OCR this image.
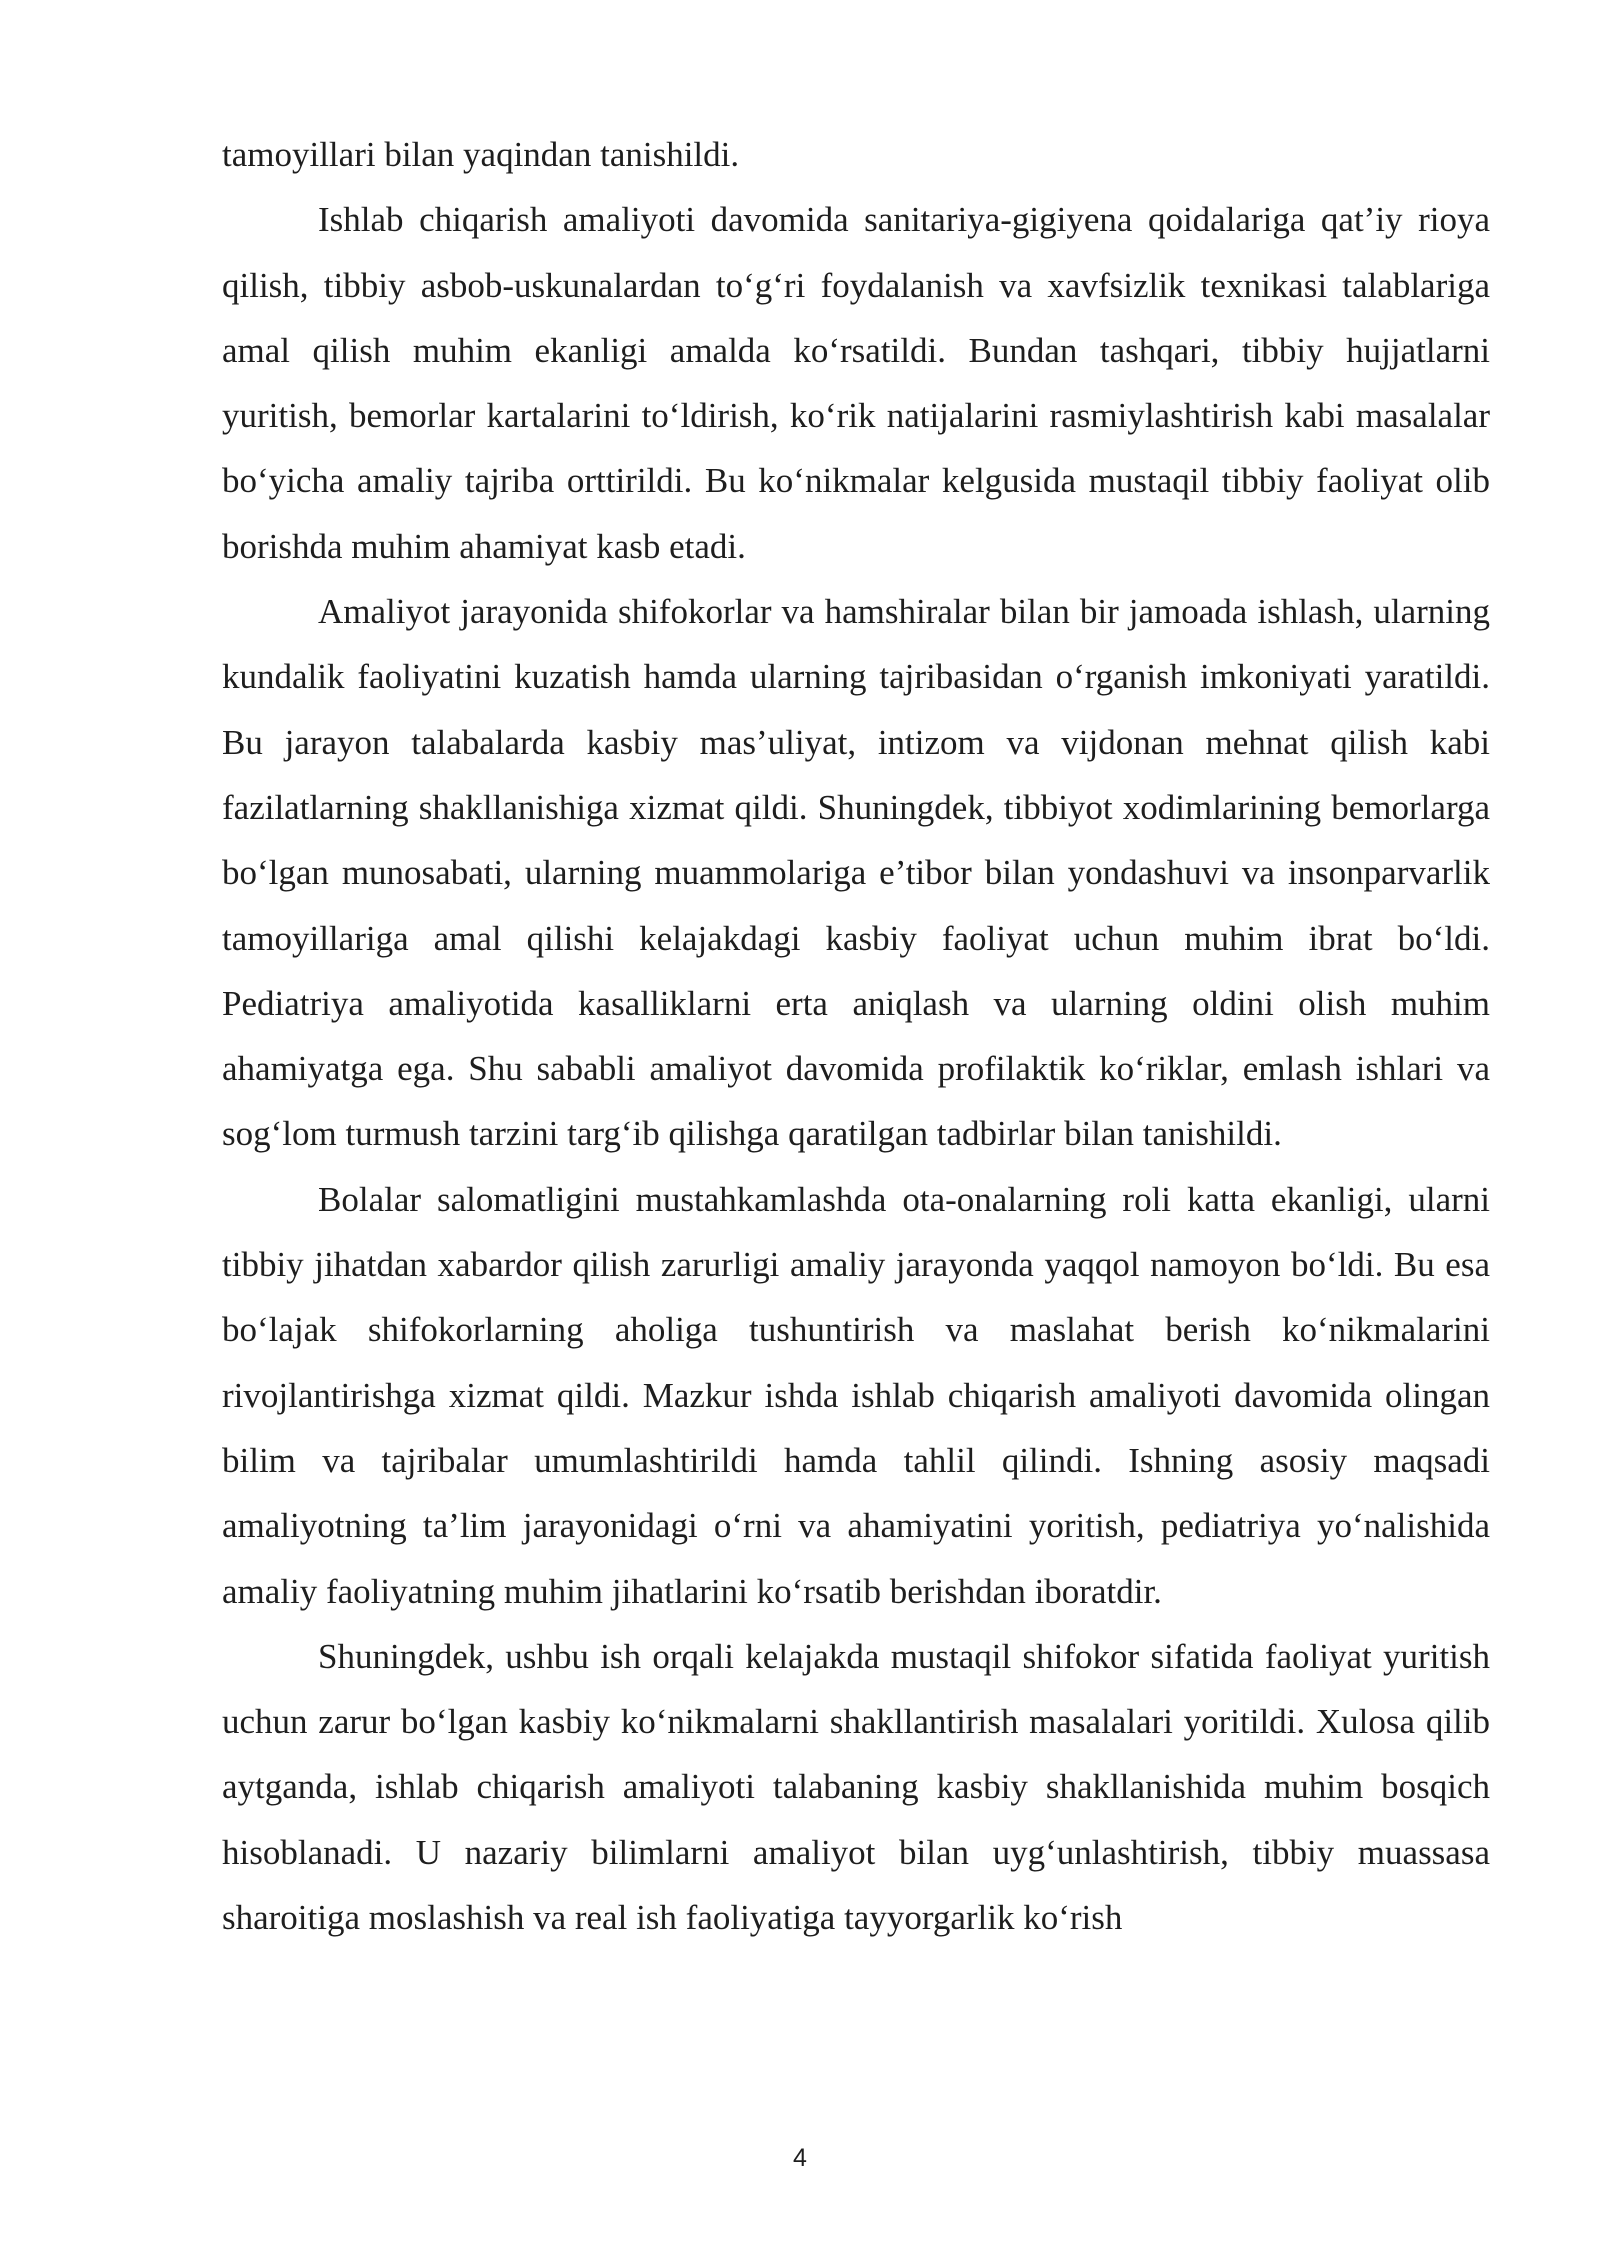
tamoyillari bilan yaqindan tanishildi.

Ishlab chiqarish amaliyoti davomida sanitariya-gigiyena qoidalariga qat’iy rioya qilish, tibbiy asbob-uskunalardan to‘g‘ri foydalanish va xavfsizlik texnikasi talablariga amal qilish muhim ekanligi amalda ko‘rsatildi. Bundan tashqari, tibbiy hujjatlarni yuritish, bemorlar kartalarini to‘ldirish, ko‘rik natijalarini rasmiylashtirish kabi masalalar bo‘yicha amaliy tajriba orttirildi. Bu ko‘nikmalar kelgusida mustaqil tibbiy faoliyat olib borishda muhim ahamiyat kasb etadi.

Amaliyot jarayonida shifokorlar va hamshiralar bilan bir jamoada ishlash, ularning kundalik faoliyatini kuzatish hamda ularning tajribasidan o‘rganish imkoniyati yaratildi. Bu jarayon talabalarda kasbiy mas’uliyat, intizom va vijdonan mehnat qilish kabi fazilatlarning shakllanishiga xizmat qildi. Shuningdek, tibbiyot xodimlarining bemorlarga bo‘lgan munosabati, ularning muammolariga e’tibor bilan yondashuvi va insonparvarlik tamoyillariga amal qilishi kelajakdagi kasbiy faoliyat uchun muhim ibrat bo‘ldi. Pediatriya amaliyotida kasalliklarni erta aniqlash va ularning oldini olish muhim ahamiyatga ega. Shu sababli amaliyot davomida profilaktik ko‘riklar, emlash ishlari va sog‘lom turmush tarzini targ‘ib qilishga qaratilgan tadbirlar bilan tanishildi.

Bolalar salomatligini mustahkamlashda ota-onalarning roli katta ekanligi, ularni tibbiy jihatdan xabardor qilish zarurligi amaliy jarayonda yaqqol namoyon bo‘ldi. Bu esa bo‘lajak shifokorlarning aholiga tushuntirish va maslahat berish ko‘nikmalarini rivojlantirishga xizmat qildi. Mazkur ishda ishlab chiqarish amaliyoti davomida olingan bilim va tajribalar umumlashtirildi hamda tahlil qilindi. Ishning asosiy maqsadi amaliyotning ta’lim jarayonidagi o‘rni va ahamiyatini yoritish, pediatriya yo‘nalishida amaliy faoliyatning muhim jihatlarini ko‘rsatib berishdan iboratdir.

Shuningdek, ushbu ish orqali kelajakda mustaqil shifokor sifatida faoliyat yuritish uchun zarur bo‘lgan kasbiy ko‘nikmalarni shakllantirish masalalari yoritildi. Xulosa qilib aytganda, ishlab chiqarish amaliyoti talabaning kasbiy shakllanishida muhim bosqich hisoblanadi. U nazariy bilimlarni amaliyot bilan uyg‘unlashtirish, tibbiy muassasa sharoitiga moslashish va real ish faoliyatiga tayyorgarlik ko‘rish

4
